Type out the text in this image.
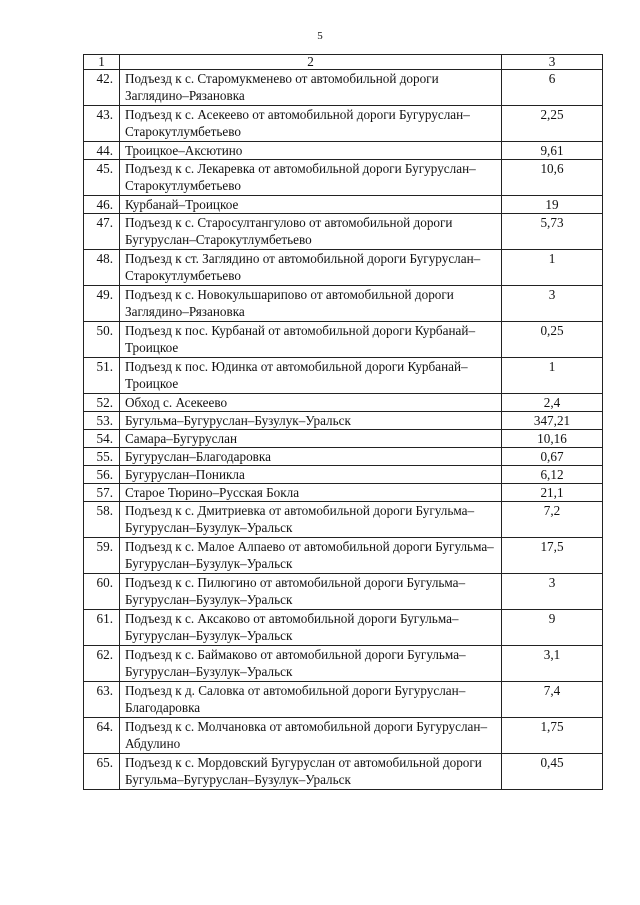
5
1	2	3
42.	Подъезд к с. Старомукменево от автомобильной дороги Заглядино–Рязановка	6
43.	Подъезд к с. Асекеево от автомобильной дороги Бугуруслан–Старокутлумбетьево	2,25
44.	Троицкое–Аксютино	9,61
45.	Подъезд к с. Лекаревка от автомобильной дороги Бугуруслан–Старокутлумбетьево	10,6
46.	Курбанай–Троицкое	19
47.	Подъезд к с. Старосултангулово от автомобильной дороги Бугуруслан–Старокутлумбетьево	5,73
48.	Подъезд к ст. Заглядино от автомобильной дороги Бугуруслан–Старокутлумбетьево	1
49.	Подъезд к с. Новокульшарипово от автомобильной дороги Заглядино–Рязановка	3
50.	Подъезд к пос. Курбанай от автомобильной дороги Курбанай–Троицкое	0,25
51.	Подъезд к пос. Юдинка от автомобильной дороги Курбанай–Троицкое	1
52.	Обход с. Асекеево	2,4
53.	Бугульма–Бугуруслан–Бузулук–Уральск	347,21
54.	Самара–Бугуруслан	10,16
55.	Бугуруслан–Благодаровка	0,67
56.	Бугуруслан–Поникла	6,12
57.	Старое Тюрино–Русская Бокла	21,1
58.	Подъезд к с. Дмитриевка от автомобильной дороги Бугульма–Бугуруслан–Бузулук–Уральск	7,2
59.	Подъезд к с. Малое Алпаево от автомобильной дороги Бугульма–Бугуруслан–Бузулук–Уральск	17,5
60.	Подъезд к с. Пилюгино от автомобильной дороги Бугульма–Бугуруслан–Бузулук–Уральск	3
61.	Подъезд к с. Аксаково от автомобильной дороги Бугульма–Бугуруслан–Бузулук–Уральск	9
62.	Подъезд к с. Баймаково от автомобильной дороги Бугульма–Бугуруслан–Бузулук–Уральск	3,1
63.	Подъезд к д. Саловка от автомобильной дороги Бугуруслан–Благодаровка	7,4
64.	Подъезд к с. Молчановка от автомобильной дороги Бугуруслан–Абдулино	1,75
65.	Подъезд к с. Мордовский Бугуруслан от автомобильной дороги Бугульма–Бугуруслан–Бузулук–Уральск	0,45
